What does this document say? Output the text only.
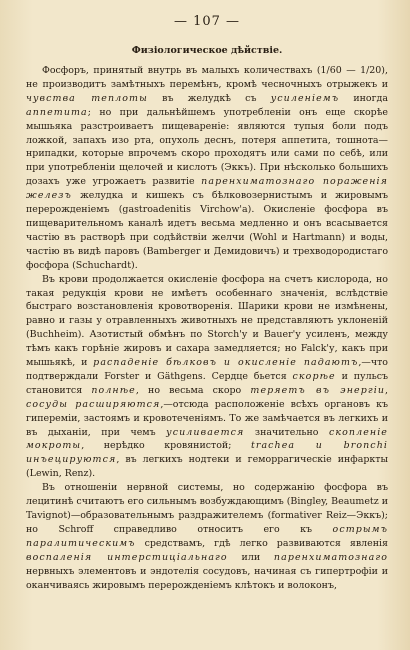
— 107 —
Физiологическое дѣйствiе.

Фосфоръ, принятый внутрь въ малыхъ количествахъ (1/60 — 1/20), не производитъ замѣтныхъ перемѣнъ, кромѣ чесночныхъ отрыжекъ и чувства теплоты въ желудкѣ съ усиленiемъ иногда аппетита; но при дальнѣйшемъ употребленiи онъ еще скорѣе мышьяка разстроиваетъ пищеваренiе: являются тупыя боли подъ ложкой, запахъ изо рта, опухоль деснъ, потеря аппетита, тошнота—нрипадки, которые впрочемъ скоро проходятъ или сами по себѣ, или при употребленiи щелочей и кислотъ (Эккъ). При нѣсколько большихъ дозахъ уже угрожаетъ развитiе паренхиматознаго пораженiя железъ желудка и кишекъ съ бѣлковозернистымъ и жировымъ перерожденiемъ (gastroadenitis Virchow'a). Окисленiе фосфора въ пищеварительномъ каналѣ идетъ весьма медленно и онъ всасывается частiю въ растворѣ при содѣйствiи желчи (Wohl и Hartmann) и воды, частiю въ видѣ паровъ (Bamberger и Демидовичъ) и трехводородистаго фосфора (Schuchardt).

Въ крови продолжается окисленiе фосфора на счетъ кислорода, но такая редукцiя крови не имѣетъ особеннаго значенiя, вслѣдствiе быстраго возстановленiя кровотворенiя. Шарики крови не измѣнены, равно и газы у отравленныхъ животныхъ не представляютъ уклоненiй (Buchheim). Азотистый обмѣнъ по Storch'у и Bauer'у усиленъ, между тѣмъ какъ горѣнiе жировъ и сахара замедляется; но Falck'у, какъ при мышьякѣ, и распаденiе бѣлковъ и окисленiе падаютъ,—что подтверждали Forster и Gäthgens. Сердце бьется скорѣе и пульсъ становится полнѣе, но весьма скоро теряетъ въ энергiи, сосуды расширяются,—отсюда расположенiе всѣхъ органовъ къ гиперемiи, застоямъ и кровотеченiямъ. То же замѣчается въ легкихъ и въ дыханiи, при чемъ усиливается значительно скопленiе мокроты, нерѣдко кровянистой; trachea и bronchi инъецируются, въ легкихъ нодтеки и геморрагическiе инфаркты (Lewin, Renz).

Въ отношенiи нервной системы, но содержанiю фосфора въ лецитинѣ считаютъ его сильнымъ возбуждающимъ (Bingley, Beaumetz и Tavignot)—образовательнымъ раздражителемъ (formativer Reiz—Эккъ); но Schroff справедливо относитъ его къ острымъ паралитическимъ средствамъ, гдѣ легко развиваются явленiя воспаленiя интерстицiальнаго или паренхиматознаго нервныхъ элементовъ и эндотелiя сосудовъ, начиная съ гипертрофiи и оканчиваясь жировымъ перерожденiемъ клѣтокъ и волоконъ,
